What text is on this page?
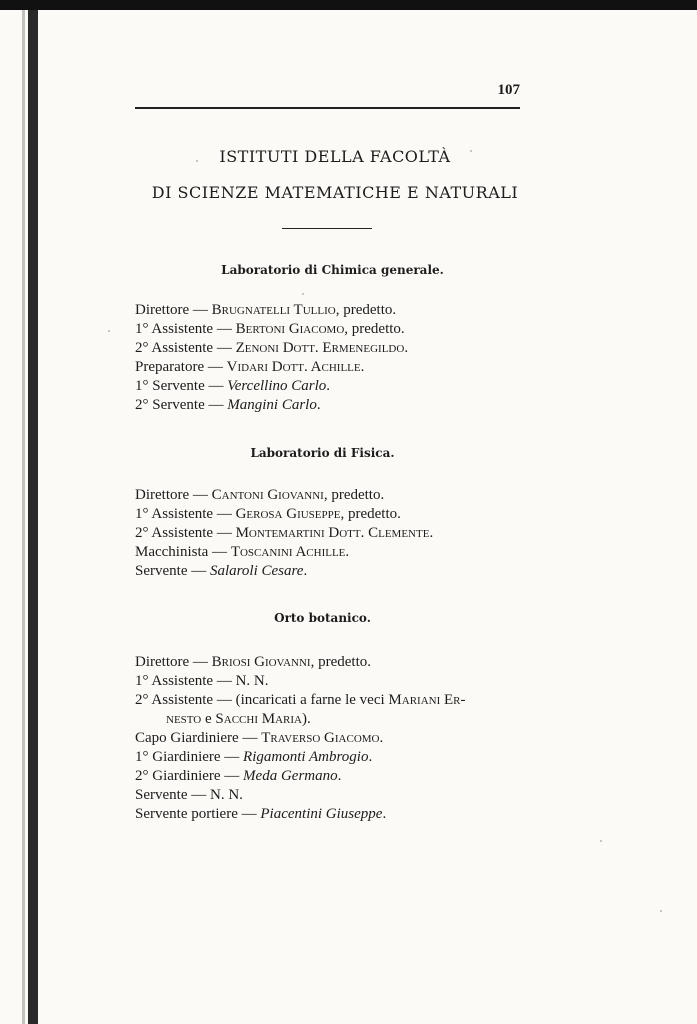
107
ISTITUTI DELLA FACOLTÀ
DI SCIENZE MATEMATICHE E NATURALI
Laboratorio di Chimica generale.
Direttore — Brugnatelli Tullio, predetto.
1° Assistente — Bertoni Giacomo, predetto.
2° Assistente — Zenoni Dott. Ermenegildo.
Preparatore — Vidari Dott. Achille.
1° Servente — Vercellino Carlo.
2° Servente — Mangini Carlo.
Laboratorio di Fisica.
Direttore — Cantoni Giovanni, predetto.
1° Assistente — Gerosa Giuseppe, predetto.
2° Assistente — Montemartini Dott. Clemente.
Macchinista — Toscanini Achille.
Servente — Salaroli Cesare.
Orto botanico.
Direttore — Briosi Giovanni, predetto.
1° Assistente — N. N.
2° Assistente — (incaricati a farne le veci Mariani Er-
nesto e Sacchi Maria).
Capo Giardiniere — Traverso Giacomo.
1° Giardiniere — Rigamonti Ambrogio.
2° Giardiniere — Meda Germano.
Servente — N. N.
Servente portiere — Piacentini Giuseppe.
